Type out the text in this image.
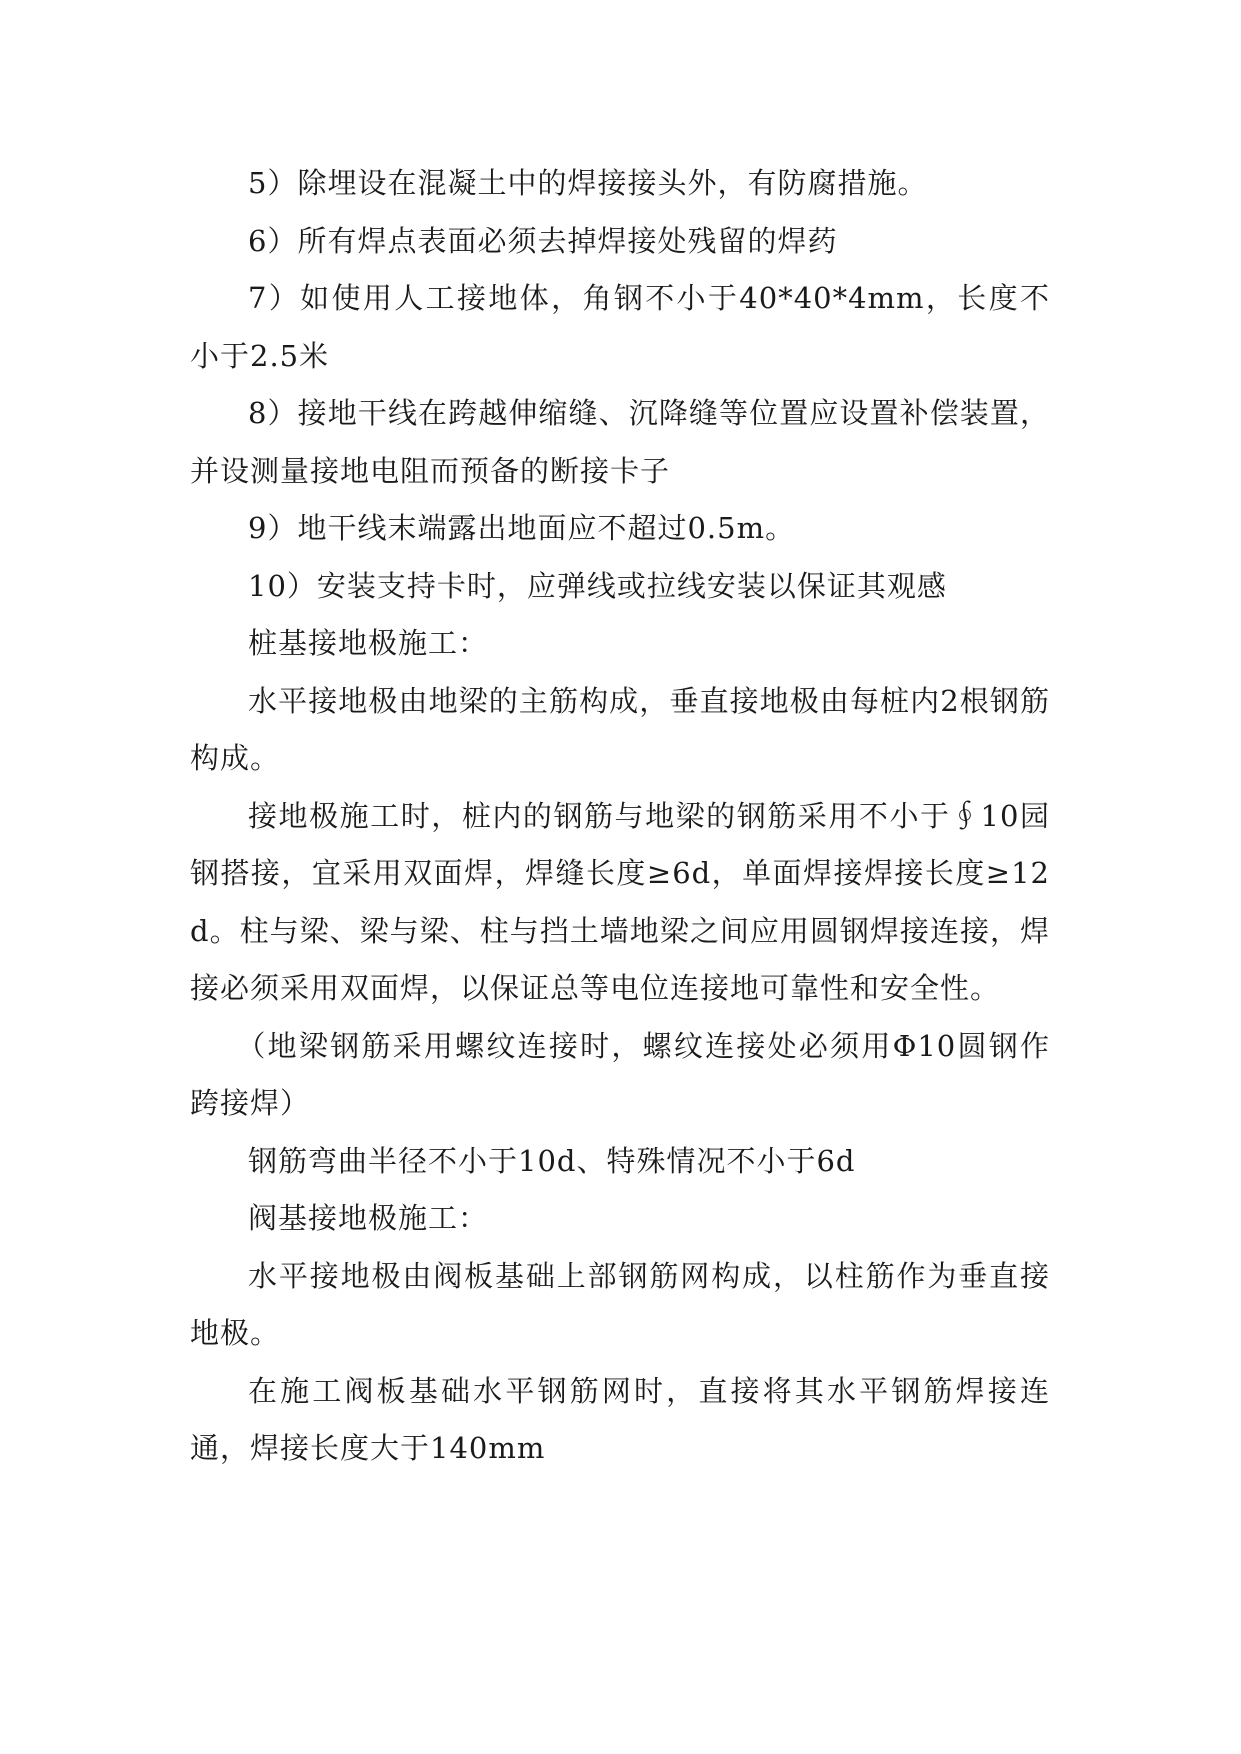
5）除埋设在混凝土中的焊接接头外，有防腐措施。

6）所有焊点表面必须去掉焊接处残留的焊药

7）如使用人工接地体，角钢不小于40*40*4mm，长度不小于2.5米

8）接地干线在跨越伸缩缝、沉降缝等位置应设置补偿装置，并设测量接地电阻而预备的断接卡子

9）地干线末端露出地面应不超过0.5m。

10）安装支持卡时，应弹线或拉线安装以保证其观感

桩基接地极施工：

水平接地极由地梁的主筋构成，垂直接地极由每桩内2根钢筋构成。

接地极施工时，桩内的钢筋与地梁的钢筋采用不小于∮10园钢搭接，宜采用双面焊，焊缝长度≥6d，单面焊接焊接长度≥12d。柱与梁、梁与梁、柱与挡土墙地梁之间应用圆钢焊接连接，焊接必须采用双面焊，以保证总等电位连接地可靠性和安全性。

（地梁钢筋采用螺纹连接时，螺纹连接处必须用Φ10圆钢作跨接焊）

钢筋弯曲半径不小于10d、特殊情况不小于6d

阀基接地极施工：

水平接地极由阀板基础上部钢筋网构成，以柱筋作为垂直接地极。

在施工阀板基础水平钢筋网时，直接将其水平钢筋焊接连通，焊接长度大于140mm
